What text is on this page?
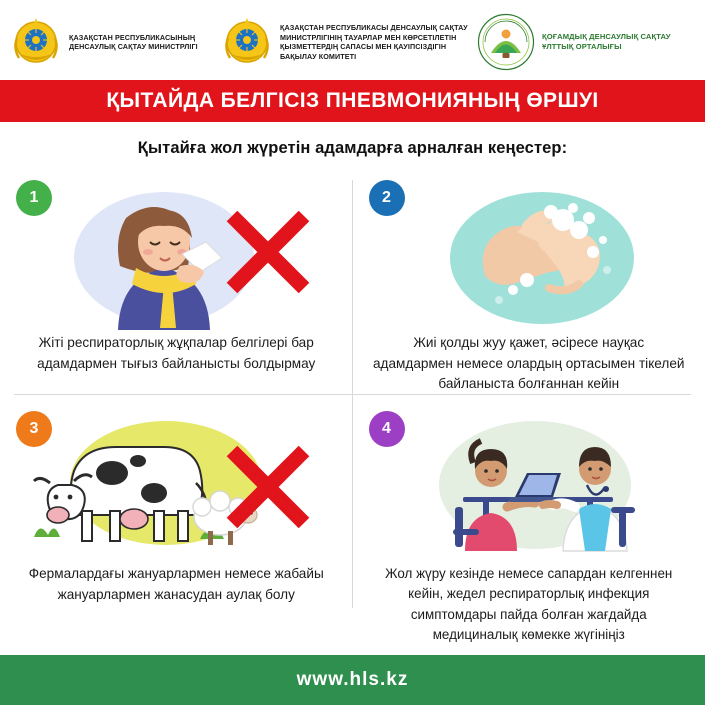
ҚАЗАҚСТАН РЕСПУБЛИКАСЫНЫҢ ДЕНСАУЛЫҚ САҚТАУ МИНИСТРЛІГІ
ҚАЗАҚСТАН РЕСПУБЛИКАСЫ ДЕНСАУЛЫҚ САҚТАУ МИНИСТРЛІГІНІҢ ТАУАРЛАР МЕН КӨРСЕТІЛЕТІН ҚЫЗМЕТТЕРДІҢ САПАСЫ МЕН ҚАУІПСІЗДІГІН БАҚЫЛАУ КОМИТЕТІ
ҚОҒАМДЫҚ ДЕНСАУЛЫҚ САҚТАУ ҰЛТТЫҚ ОРТАЛЫҒЫ
ҚЫТАЙДА БЕЛГІСІЗ ПНЕВМОНИЯНЫҢ ӨРШУІ
Қытайға жол жүретін адамдарға арналған кеңестер:
1
Жіті респираторлық жұқпалар белгілері бар адамдармен тығыз байланысты болдырмау
2
Жиі қолды жуу қажет, әсіресе науқас адамдармен немесе олардың ортасымен тікелей байланыста болғаннан кейін
3
Фермалардағы жануарлармен немесе жабайы жануарлармен жанасудан аулақ болу
4
Жол жүру кезінде немесе сапардан келгеннен кейін, жедел респираторлық инфекция симптомдары пайда болған жағдайда медициналық көмекке жүгініңіз
www.hls.kz
